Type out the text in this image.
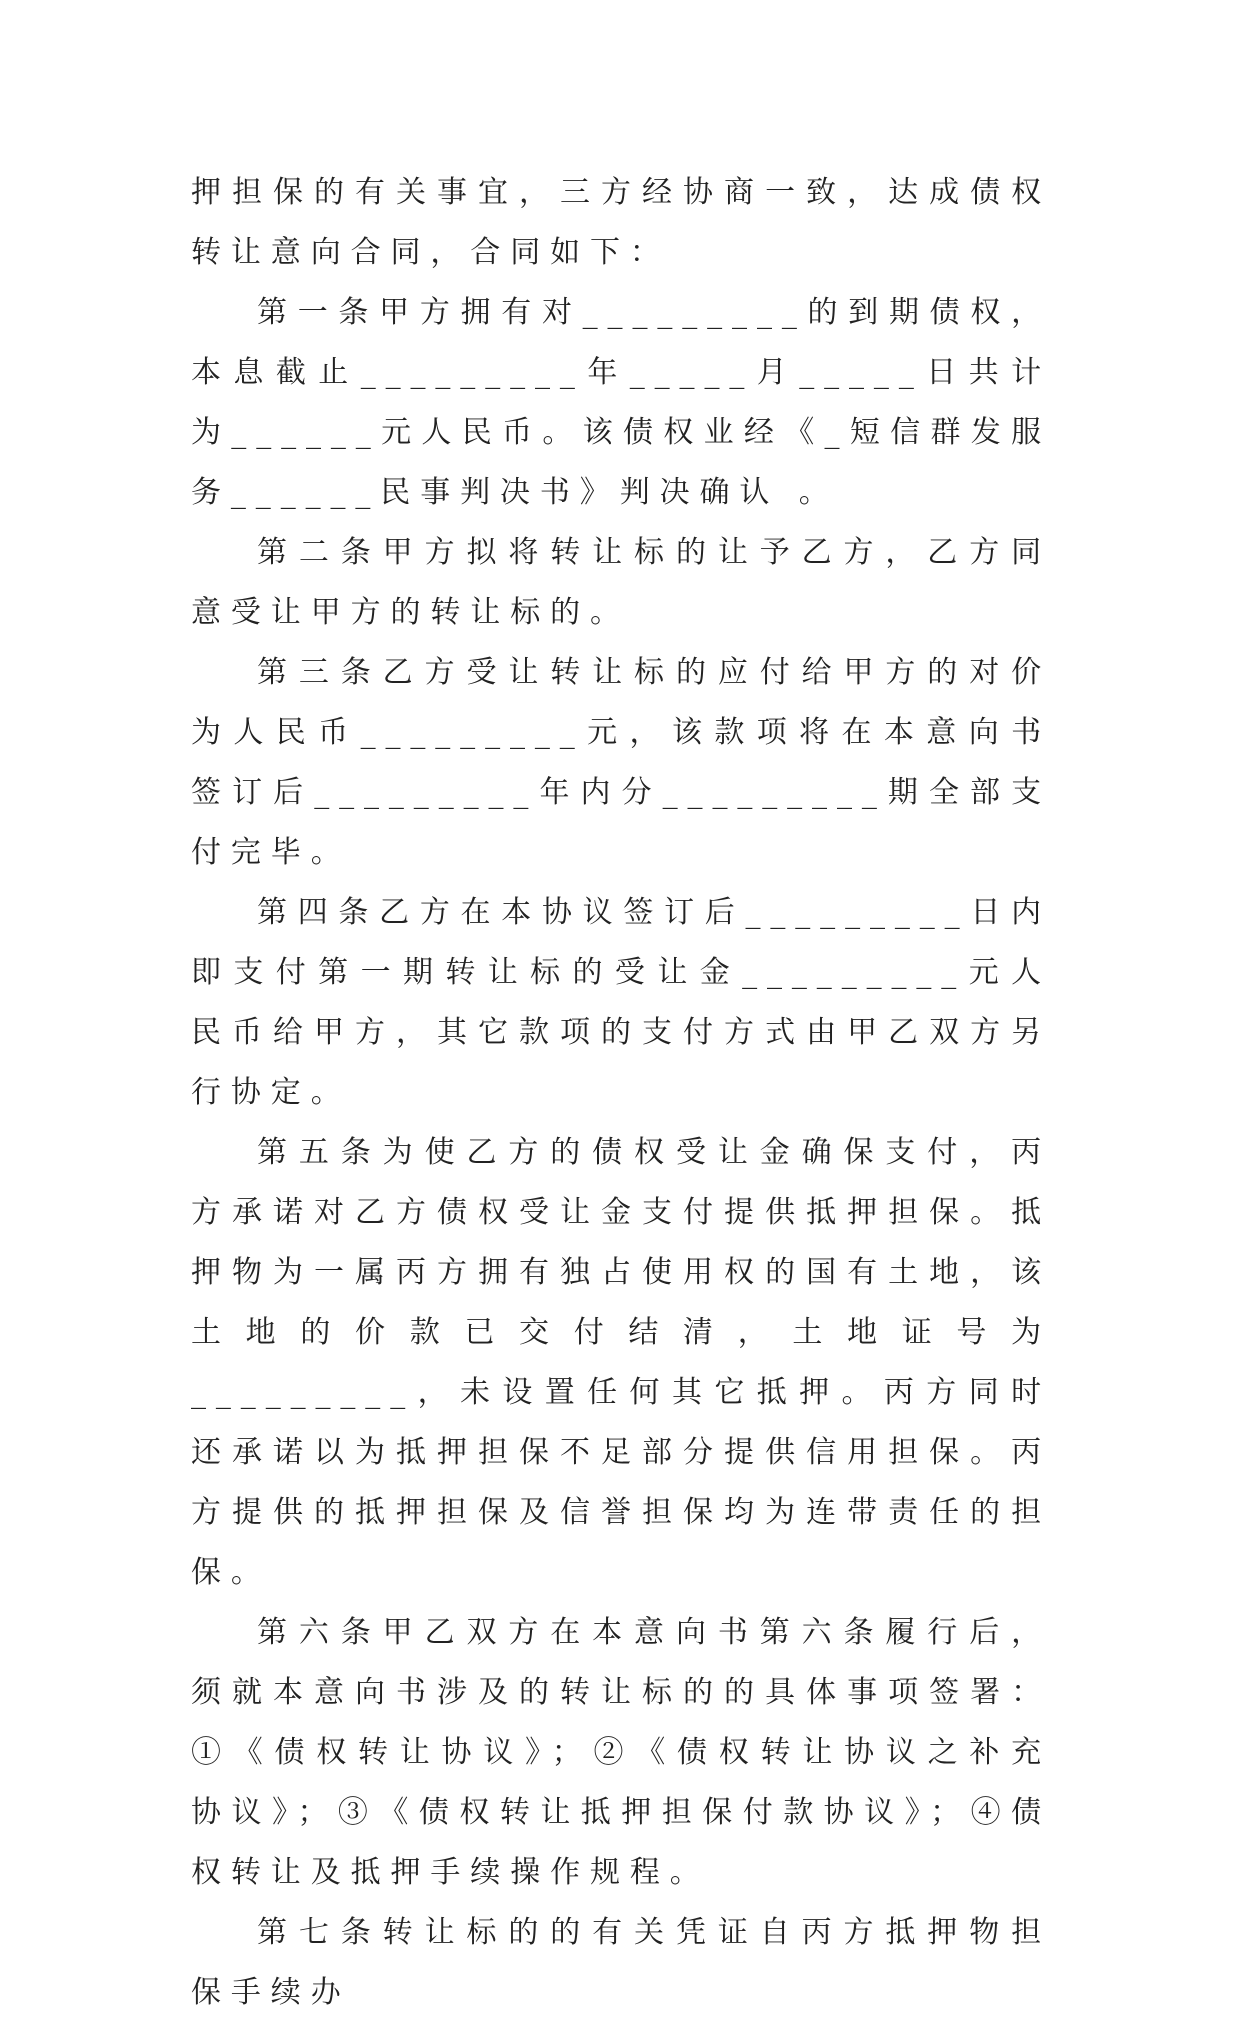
押担保的有关事宜，三方经协商一致，达成债权转让意向合同，合同如下：

第一条甲方拥有对_________的到期债权，本息截止_________年_____月_____日共计为______元人民币。该债权业经《_短信群发服务______民事判决书》判决确认 。

第二条甲方拟将转让标的让予乙方，乙方同意受让甲方的转让标的。

第三条乙方受让转让标的应付给甲方的对价为人民币_________元，该款项将在本意向书签订后_________年内分_________期全部支付完毕。

第四条乙方在本协议签订后_________日内即支付第一期转让标的受让金_________元人民币给甲方，其它款项的支付方式由甲乙双方另行协定。

第五条为使乙方的债权受让金确保支付，丙方承诺对乙方债权受让金支付提供抵押担保。抵押物为一属丙方拥有独占使用权的国有土地，该土地的价款已交付结清，土地证号为_________，未设置任何其它抵押。丙方同时还承诺以为抵押担保不足部分提供信用担保。丙方提供的抵押担保及信誉担保均为连带责任的担保。

第六条甲乙双方在本意向书第六条履行后，须就本意向书涉及的转让标的的具体事项签署：①《债权转让协议》；②《债权转让协议之补充协议》；③《债权转让抵押担保付款协议》；④债权转让及抵押手续操作规程。

第七条转让标的的有关凭证自丙方抵押物担保手续办
